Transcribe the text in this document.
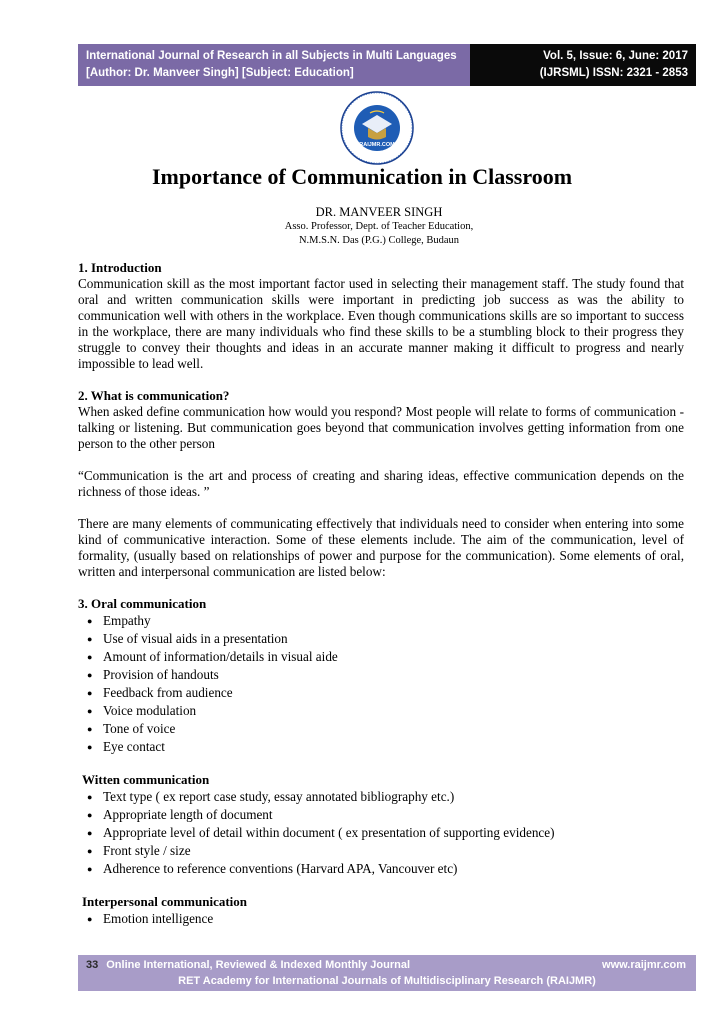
International Journal of Research in all Subjects in Multi Languages
[Author: Dr. Manveer Singh] [Subject: Education]
Vol. 5, Issue: 6, June: 2017
(IJRSML) ISSN: 2321 - 2853
RAIJMR.COM
Importance of Communication in Classroom
DR. MANVEER SINGH
Asso. Professor, Dept. of Teacher Education,
N.M.S.N. Das (P.G.) College, Budaun
1. Introduction

Communication skill as the most important factor used in selecting their management staff. The study found that oral and written communication skills were important in predicting job success as was the ability to communication well with others in the workplace. Even though communications skills are so important to success in the workplace, there are many individuals who find these skills to be a stumbling block to their progress they struggle to convey their thoughts and ideas in an accurate manner making it difficult to progress and nearly impossible to lead well.

2. What is communication?

When asked define communication how would you respond? Most people will relate to forms of communication - talking or listening. But communication goes beyond that communication involves getting information from one person to the other person

“Communication is the art and process of creating and sharing ideas, effective communication depends on the richness of those ideas. ”

There are many elements of communicating effectively that individuals need to consider when entering into some kind of communicative interaction. Some of these elements include. The aim of the communication, level of formality, (usually based on relationships of power and purpose for the communication). Some elements of oral, written and interpersonal communication are listed below:

3. Oral communication
● Empathy
● Use of visual aids in a presentation
● Amount of information/details in visual aide
● Provision of handouts
● Feedback from audience
● Voice modulation
● Tone of voice
● Eye contact
Witten communication
● Text type ( ex report case study, essay annotated bibliography etc.)
● Appropriate length of document
● Appropriate level of detail within document ( ex presentation of supporting evidence)
● Front style / size
● Adherence to reference conventions (Harvard APA, Vancouver etc)
Interpersonal communication
● Emotion intelligence
33 Online International, Reviewed & Indexed Monthly Journal	www.raijmr.com
RET Academy for International Journals of Multidisciplinary Research (RAIJMR)
